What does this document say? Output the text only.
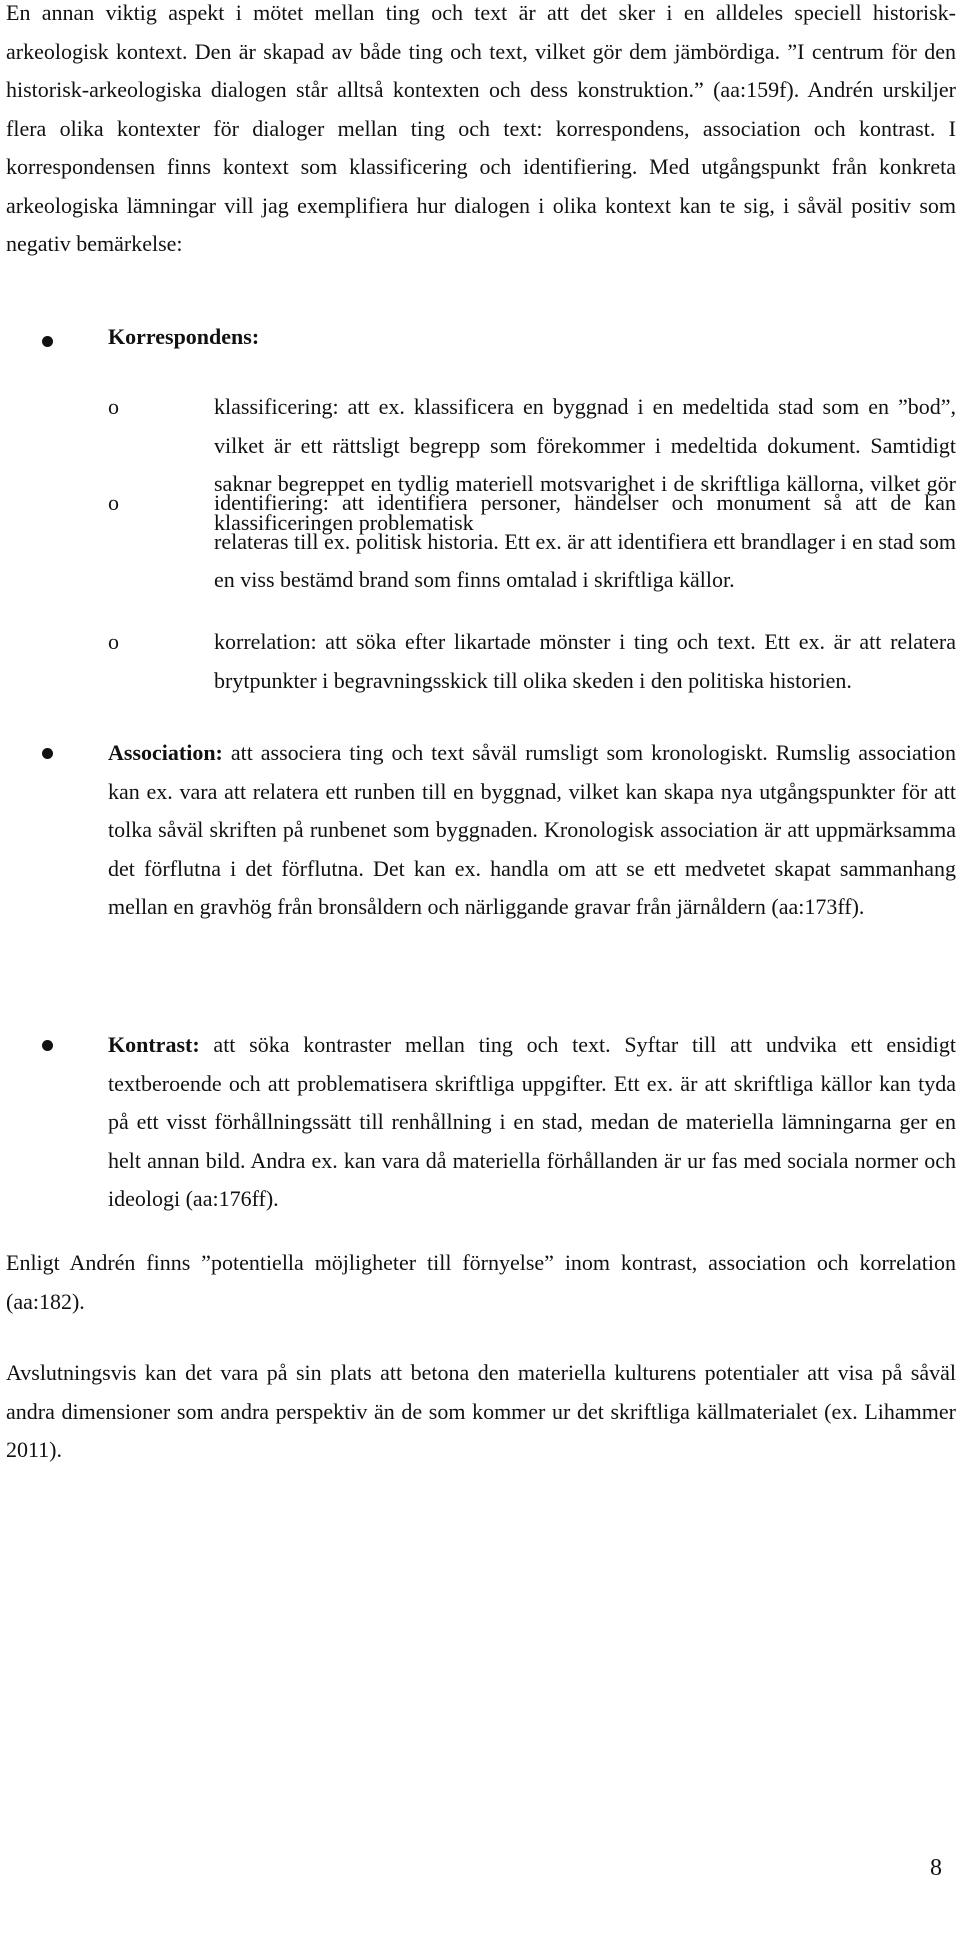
En annan viktig aspekt i mötet mellan ting och text är att det sker i en alldeles speciell historisk- arkeologisk kontext. Den är skapad av både ting och text, vilket gör dem jämbördiga. ”I centrum för den historisk-arkeologiska dialogen står alltså kontexten och dess konstruktion.” (aa:159f). Andrén urskiljer flera olika kontexter för dialoger mellan ting och text: korrespondens, association och kontrast. I korrespondensen finns kontext som klassificering och identifiering. Med utgångspunkt från konkreta arkeologiska lämningar vill jag exemplifiera hur dialogen i olika kontext kan te sig, i såväl positiv som negativ bemärkelse:

Korrespondens:

o	klassificering: att ex. klassificera en byggnad i en medeltida stad som en ”bod”, vilket är ett rättsligt begrepp som förekommer i medeltida dokument. Samtidigt saknar begreppet en tydlig materiell motsvarighet i de skriftliga källorna, vilket gör klassificeringen problematisk

o	identifiering: att identifiera personer, händelser och monument så att de kan relateras till ex. politisk historia. Ett ex. är att identifiera ett brandlager i en stad som en viss bestämd brand som finns omtalad i skriftliga källor.

o	korrelation: att söka efter likartade mönster i ting och text. Ett ex. är att relatera brytpunkter i begravningsskick till olika skeden i den politiska historien.

Association: att associera ting och text såväl rumsligt som kronologiskt. Rumslig association kan ex. vara att relatera ett runben till en byggnad, vilket kan skapa nya utgångspunkter för att tolka såväl skriften på runbenet som byggnaden. Kronologisk association är att uppmärksamma det förflutna i det förflutna. Det kan ex. handla om att se ett medvetet skapat sammanhang mellan en gravhög från bronsåldern och närliggande gravar från järnåldern (aa:173ff).

Kontrast: att söka kontraster mellan ting och text. Syftar till att undvika ett ensidigt textberoende och att problematisera skriftliga uppgifter. Ett ex. är att skriftliga källor kan tyda på ett visst förhållningssätt till renhållning i en stad, medan de materiella lämningarna ger en helt annan bild. Andra ex. kan vara då materiella förhållanden är ur fas med sociala normer och ideologi (aa:176ff).

Enligt Andrén finns ”potentiella möjligheter till förnyelse” inom kontrast, association och korrelation (aa:182).

Avslutningsvis kan det vara på sin plats att betona den materiella kulturens potentialer att visa på såväl andra dimensioner som andra perspektiv än de som kommer ur det skriftliga källmaterialet (ex. Lihammer 2011).

8
